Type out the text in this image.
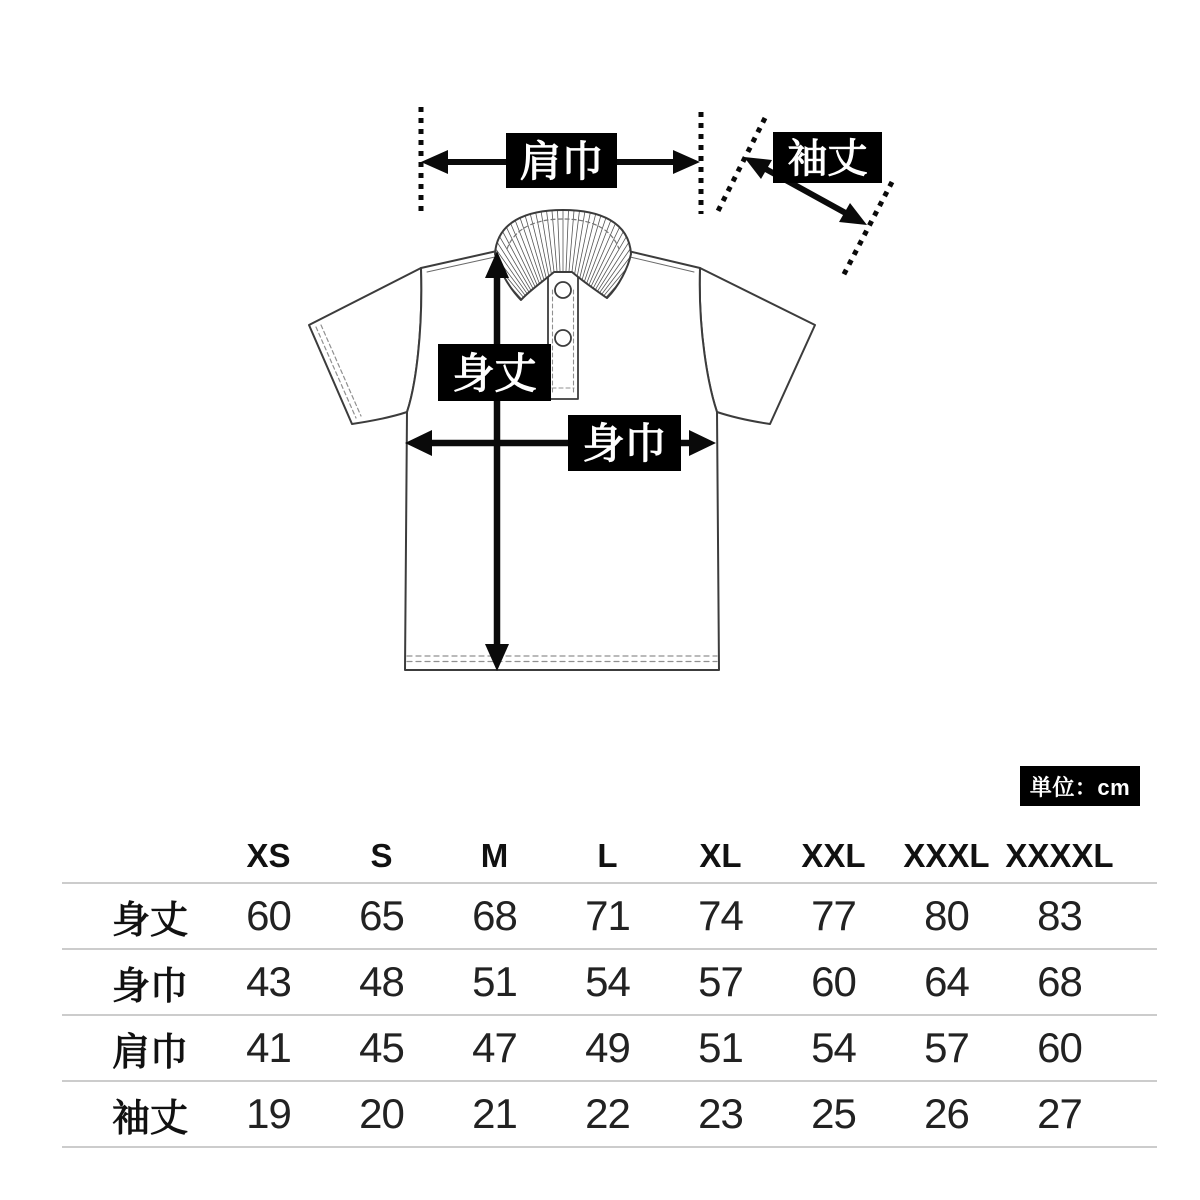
肩巾	袖丈
身丈
身巾
単位：cm
XS	S	M	L	XL	XXL	XXXL XXXXL
身丈	60	65	68	71	74	77	80	83
身巾	43	48	51	54	57	60	64	68
肩巾	41	45	47	49	51	54	57	60
袖丈	19	20	21	22	23	25	26	27
